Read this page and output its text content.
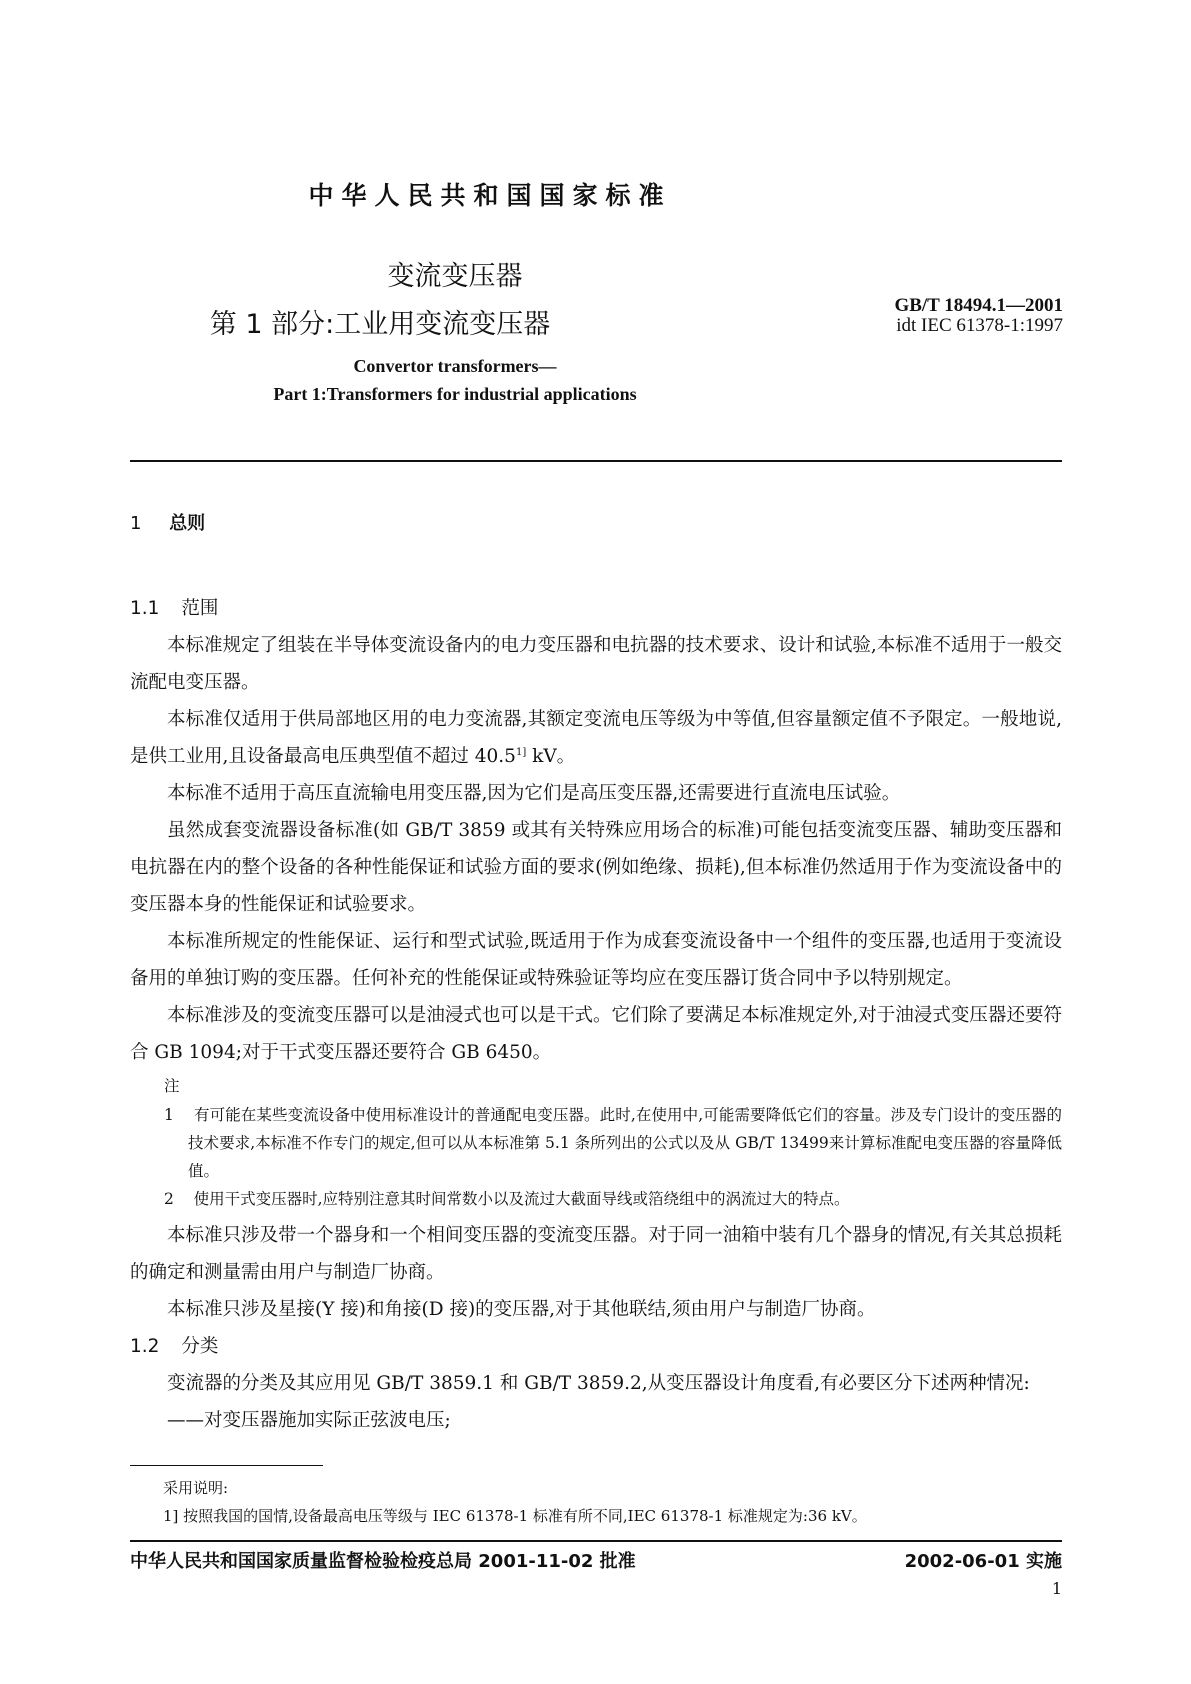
中华人民共和国国家标准
变流变压器
第 1 部分:工业用变流变压器
GB/T 18494.1—2001
idt IEC 61378-1:1997
Convertor transformers—
Part 1:Transformers for industrial applications
1 总则

1.1 范围

本标准规定了组装在半导体变流设备内的电力变压器和电抗器的技术要求、设计和试验,本标准不适用于一般交流配电变压器。

本标准仅适用于供局部地区用的电力变流器,其额定变流电压等级为中等值,但容量额定值不予限定。一般地说,是供工业用,且设备最高电压典型值不超过 $40.5^{1]}$ kV。

本标准不适用于高压直流输电用变压器,因为它们是高压变压器,还需要进行直流电压试验。

虽然成套变流器设备标准(如 GB/T 3859 或其有关特殊应用场合的标准)可能包括变流变压器、辅助变压器和电抗器在内的整个设备的各种性能保证和试验方面的要求(例如绝缘、损耗),但本标准仍然适用于作为变流设备中的变压器本身的性能保证和试验要求。

本标准所规定的性能保证、运行和型式试验,既适用于作为成套变流设备中一个组件的变压器,也适用于变流设备用的单独订购的变压器。任何补充的性能保证或特殊验证等均应在变压器订货合同中予以特别规定。

本标准涉及的变流变压器可以是油浸式也可以是干式。它们除了要满足本标准规定外,对于油浸式变压器还要符合 GB 1094;对于干式变压器还要符合 GB 6450。

注

1 有可能在某些变流设备中使用标准设计的普通配电变压器。此时,在使用中,可能需要降低它们的容量。涉及专门设计的变压器的技术要求,本标准不作专门的规定,但可以从本标准第 5.1 条所列出的公式以及从 GB/T 13499来计算标准配电变压器的容量降低值。

2 使用干式变压器时,应特别注意其时间常数小以及流过大截面导线或箔绕组中的涡流过大的特点。

本标准只涉及带一个器身和一个相间变压器的变流变压器。对于同一油箱中装有几个器身的情况,有关其总损耗的确定和测量需由用户与制造厂协商。

本标准只涉及星接(Y 接)和角接(D 接)的变压器,对于其他联结,须由用户与制造厂协商。

1.2 分类

变流器的分类及其应用见 GB/T 3859.1 和 GB/T 3859.2,从变压器设计角度看,有必要区分下述两种情况:

——对变压器施加实际正弦波电压;

采用说明:
1] 按照我国的国情,设备最高电压等级与 IEC 61378-1 标准有所不同,IEC 61378-1 标准规定为:36 kV。
中华人民共和国国家质量监督检验检疫总局 2001-11-02 批准	2002-06-01 实施
1
